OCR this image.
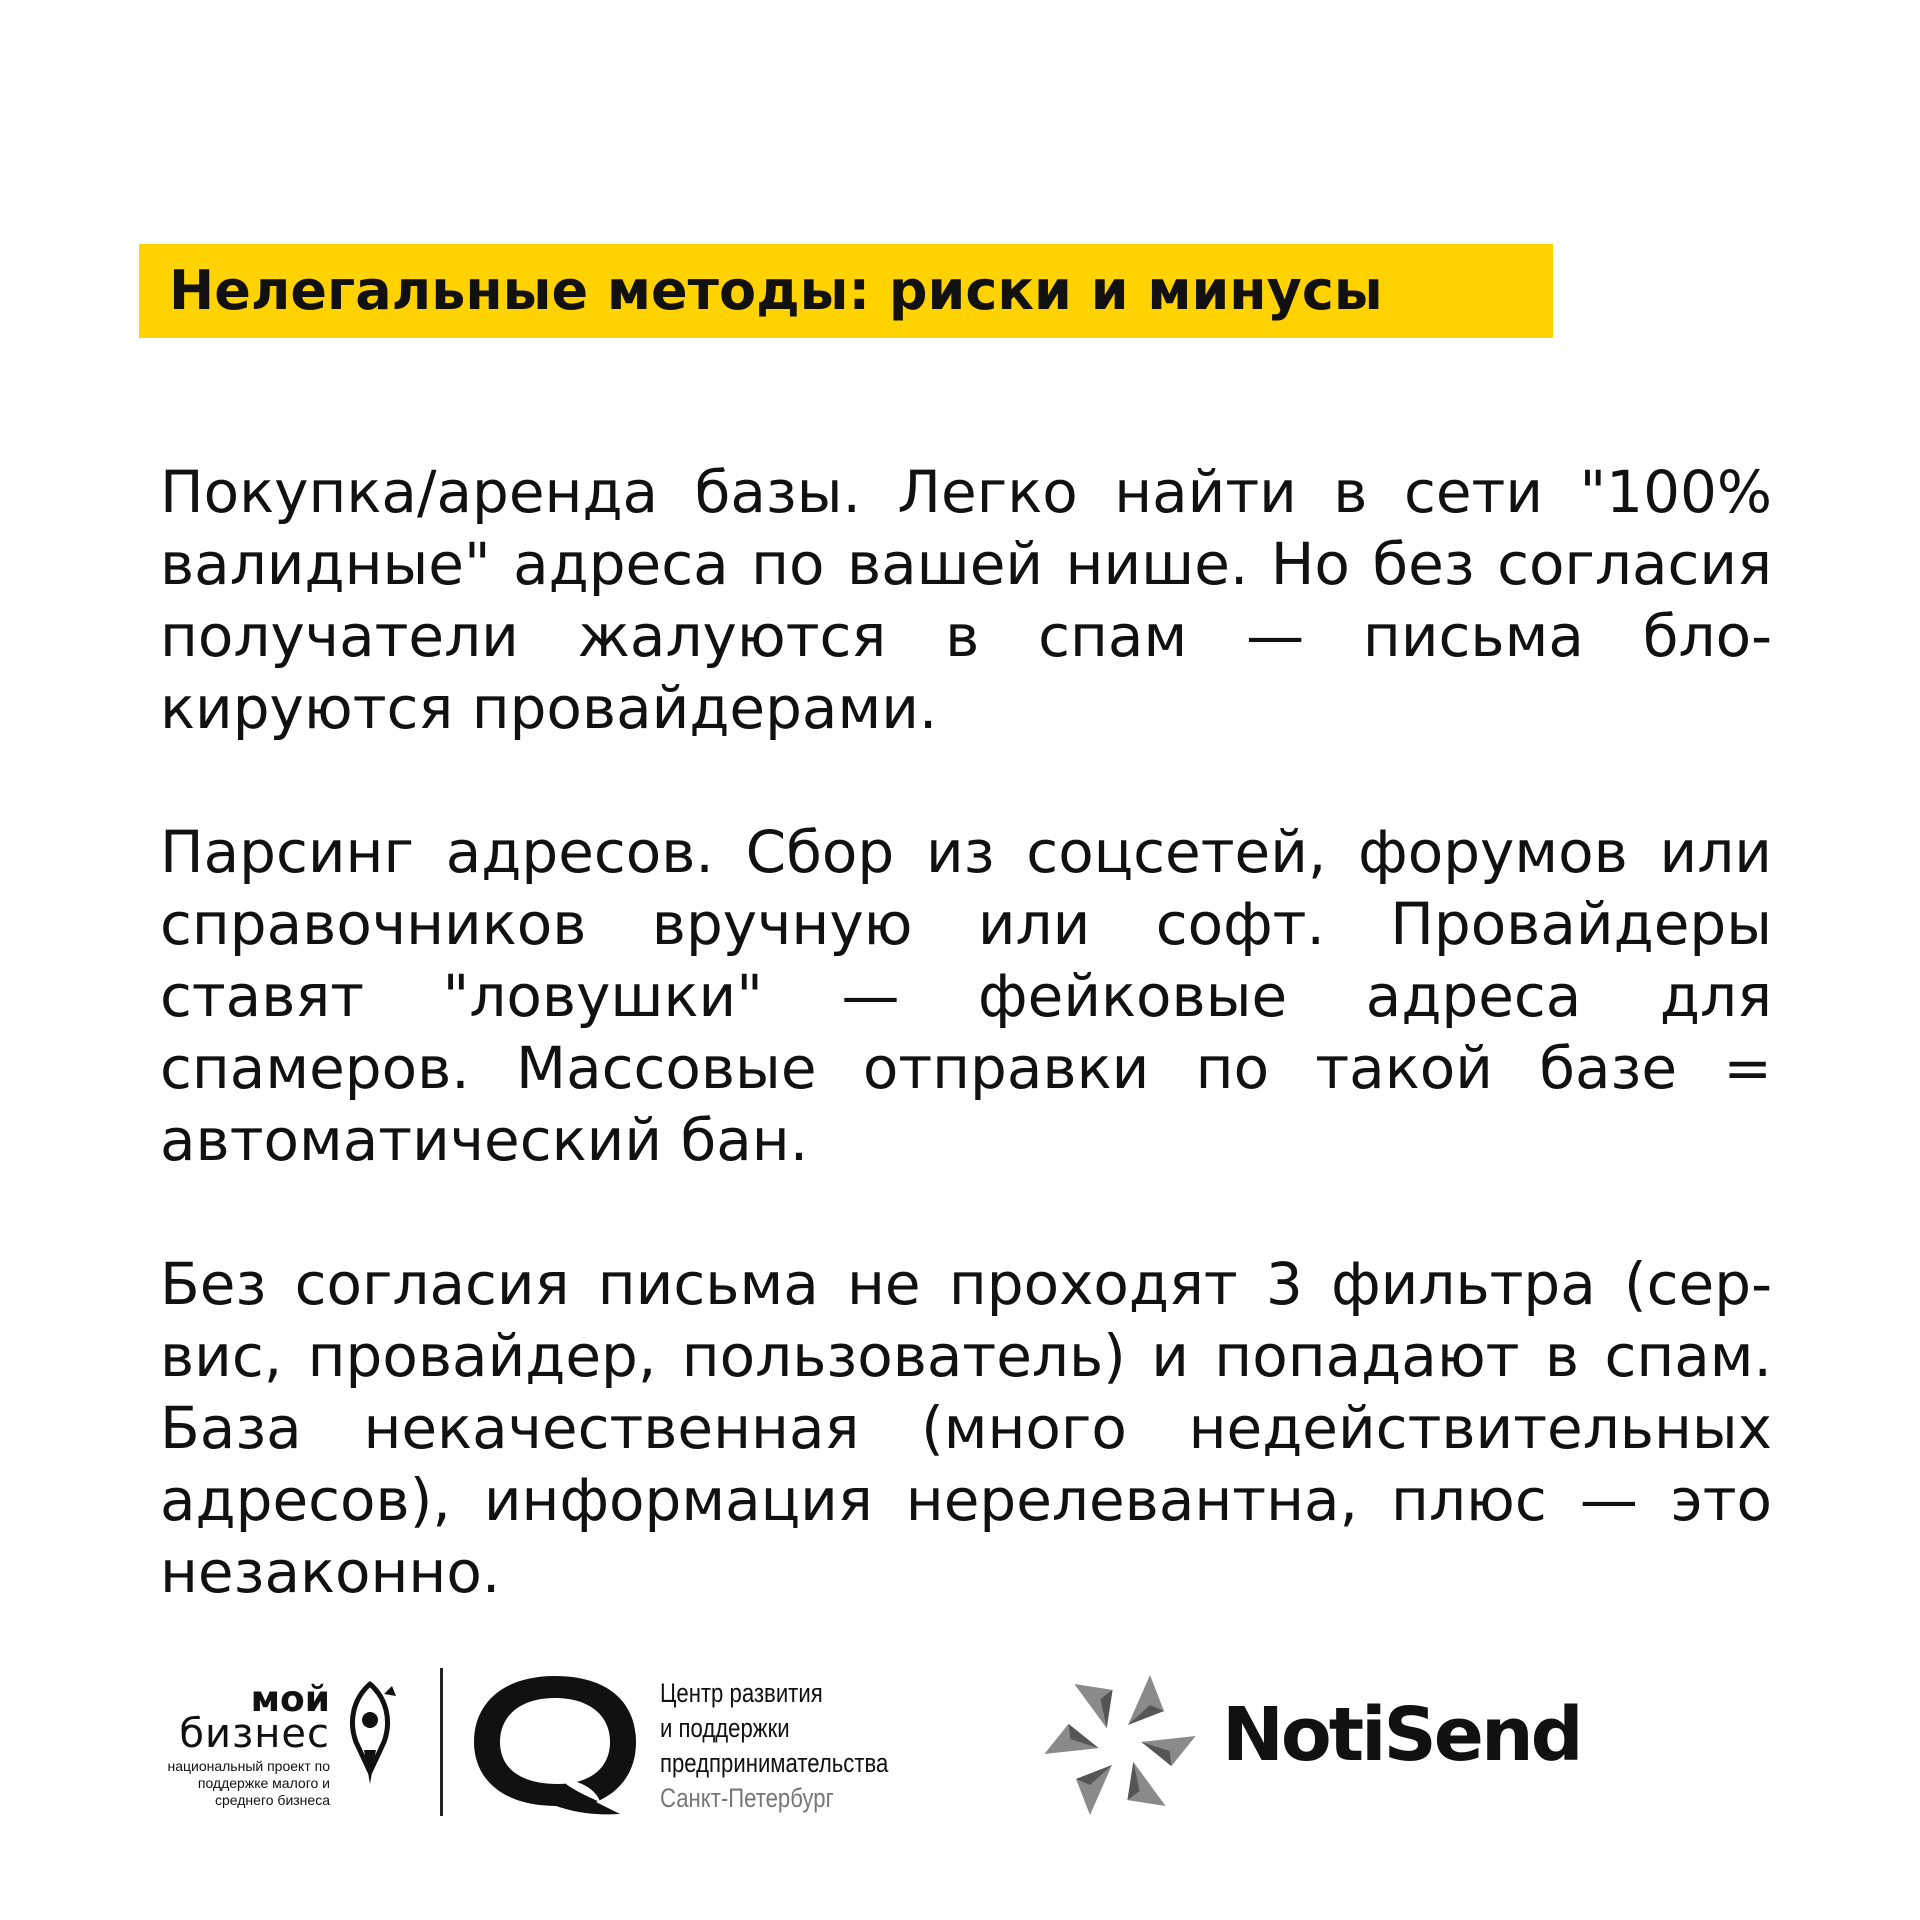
Нелегальные методы: риски и минусы

Покупка/аренда базы. Легко найти в сети "100% валидные" адреса по вашей нише. Но без согласия получатели жалуются в спам — письма блокируются провайдерами.

Парсинг адресов. Сбор из соцсетей, форумов или справочников вручную или софт. Провайдеры ставят "ловушки" — фейковые адреса для спамеров. Массовые отправки по такой базе = автоматический бан.

Без согласия письма не проходят 3 фильтра (сервис, провайдер, пользователь) и попадают в спам. База некачественная (много недействительных адресов), информация нерелевантна, плюс — это незаконно.

мой
бизнес
национальный проект по поддержке малого и среднего бизнеса
Центр развития
и поддержки
предпринимательства
Санкт-Петербург
NotiSend
